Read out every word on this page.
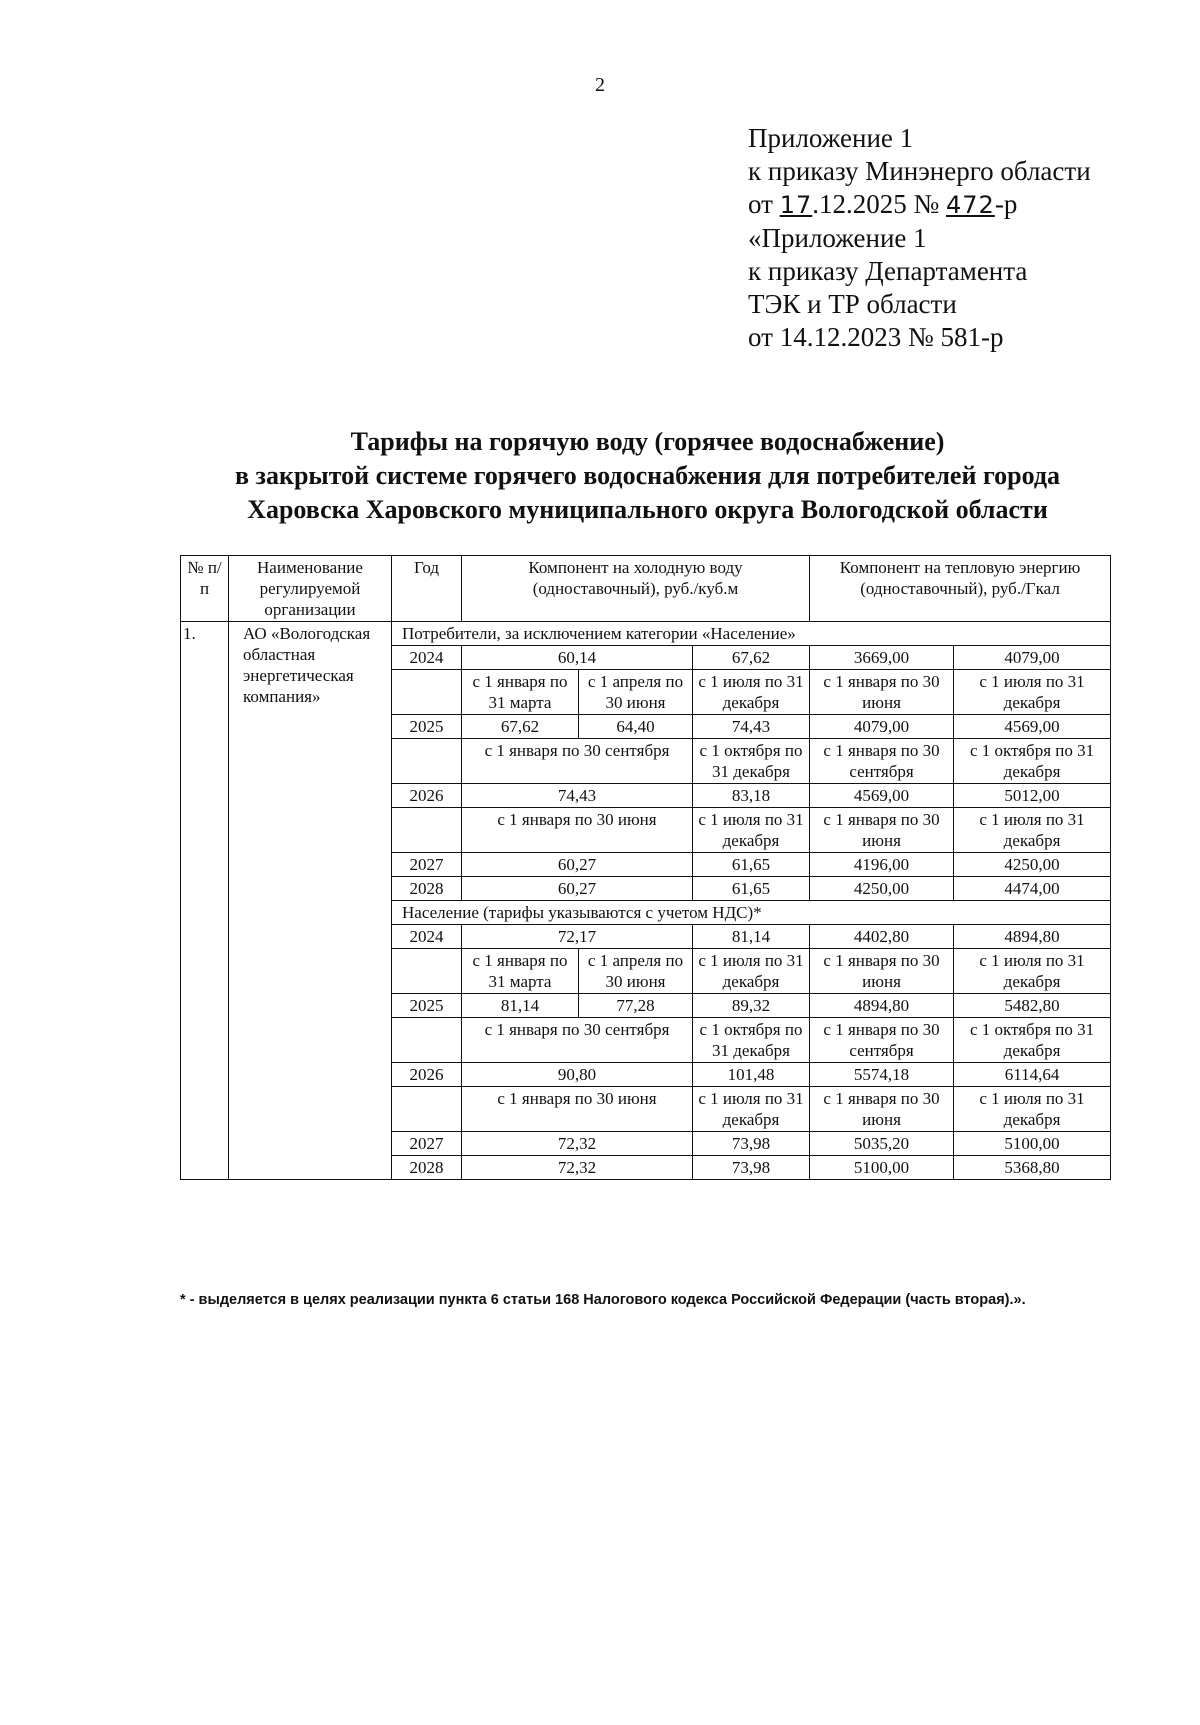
2
Приложение 1
к приказу Минэнерго области
от 17.12.2025 № 472-р
«Приложение 1
к приказу Департамента
ТЭК и ТР области
от 14.12.2023 № 581-р
Тарифы на горячую воду (горячее водоснабжение)
в закрытой системе горячего водоснабжения для потребителей города
Харовска Харовского муниципального округа Вологодской области
№ п/п	Наименование регулируемой организации	Год	Компонент на холодную воду (одноставочный), руб./куб.м			Компонент на тепловую энергию (одноставочный), руб./Гкал	
1.	АО «Вологодская областная энергетическая компания»	Потребители, за исключением категории «Население»					
		2024	60,14		67,62	3669,00	4079,00
			с 1 января по 31 марта	с 1 апреля по 30 июня	с 1 июля по 31 декабря	с 1 января по 30 июня	с 1 июля по 31 декабря
		2025	67,62	64,40	74,43	4079,00	4569,00
			с 1 января по 30 сентября		с 1 октября по 31 декабря	с 1 января по 30 сентября	с 1 октября по 31 декабря
		2026	74,43		83,18	4569,00	5012,00
			с 1 января по 30 июня		с 1 июля по 31 декабря	с 1 января по 30 июня	с 1 июля по 31 декабря
		2027	60,27		61,65	4196,00	4250,00
		2028	60,27		61,65	4250,00	4474,00
		Население (тарифы указываются с учетом НДС)*					
		2024	72,17		81,14	4402,80	4894,80
			с 1 января по 31 марта	с 1 апреля по 30 июня	с 1 июля по 31 декабря	с 1 января по 30 июня	с 1 июля по 31 декабря
		2025	81,14	77,28	89,32	4894,80	5482,80
			с 1 января по 30 сентября		с 1 октября по 31 декабря	с 1 января по 30 сентября	с 1 октября по 31 декабря
		2026	90,80		101,48	5574,18	6114,64
			с 1 января по 30 июня		с 1 июля по 31 декабря	с 1 января по 30 июня	с 1 июля по 31 декабря
		2027	72,32		73,98	5035,20	5100,00
		2028	72,32		73,98	5100,00	5368,80
* - выделяется в целях реализации пункта 6 статьи 168 Налогового кодекса Российской Федерации (часть вторая).».
